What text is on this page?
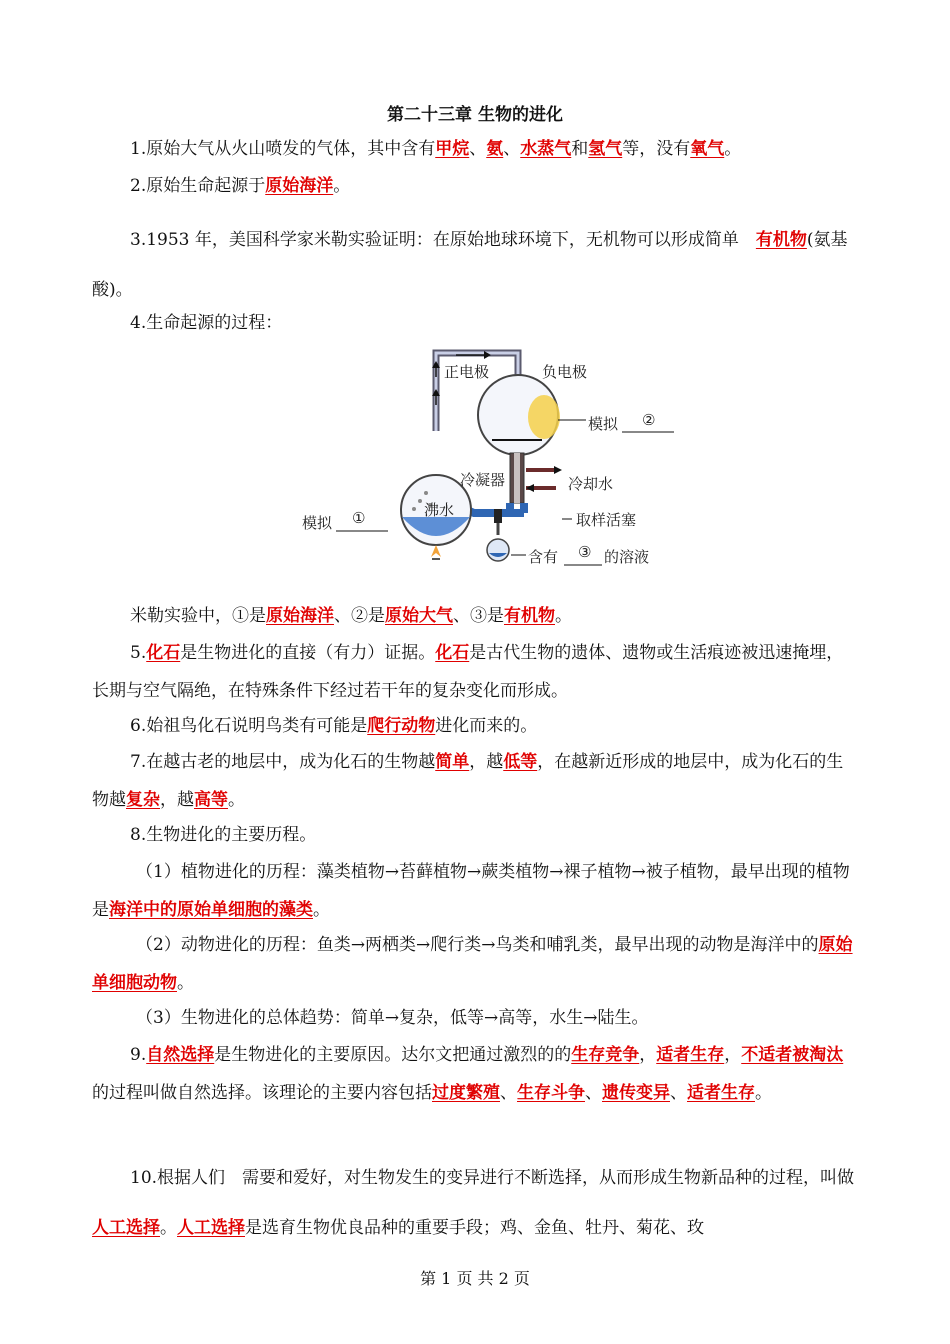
第二十三章 生物的进化
1.原始大气从火山喷发的气体，其中含有甲烷、氨、水蒸气和氢气等，没有氧气。
2.原始生命起源于原始海洋。
3.1953 年，美国科学家米勒实验证明：在原始地球环境下，无机物可以形成简单　有机物(氨基酸)。
4.生命起源的过程：
正电极	负电极
模拟 ②
冷凝器	冷却水
沸水
模拟 ①	取样活塞
含有 ③ 的溶液
米勒实验中，①是原始海洋、②是原始大气、③是有机物。
5.化石是生物进化的直接（有力）证据。化石是古代生物的遗体、遗物或生活痕迹被迅速掩埋，长期与空气隔绝，在特殊条件下经过若干年的复杂变化而形成。
6.始祖鸟化石说明鸟类有可能是爬行动物进化而来的。
7.在越古老的地层中，成为化石的生物越简单，越低等，在越新近形成的地层中，成为化石的生物越复杂，越高等。
8.生物进化的主要历程。
（1）植物进化的历程：藻类植物→苔藓植物→蕨类植物→裸子植物→被子植物，最早出现的植物是海洋中的原始单细胞的藻类。
（2）动物进化的历程：鱼类→两栖类→爬行类→鸟类和哺乳类，最早出现的动物是海洋中的原始单细胞动物。
（3）生物进化的总体趋势：简单→复杂，低等→高等，水生→陆生。
9.自然选择是生物进化的主要原因。达尔文把通过激烈的的生存竞争，适者生存，不适者被淘汰的过程叫做自然选择。该理论的主要内容包括过度繁殖、生存斗争、遗传变异、适者生存。
10.根据人们　需要和爱好，对生物发生的变异进行不断选择，从而形成生物新品种的过程，叫做人工选择。人工选择是选育生物优良品种的重要手段；鸡、金鱼、牡丹、菊花、玫
第 1 页 共 2 页
